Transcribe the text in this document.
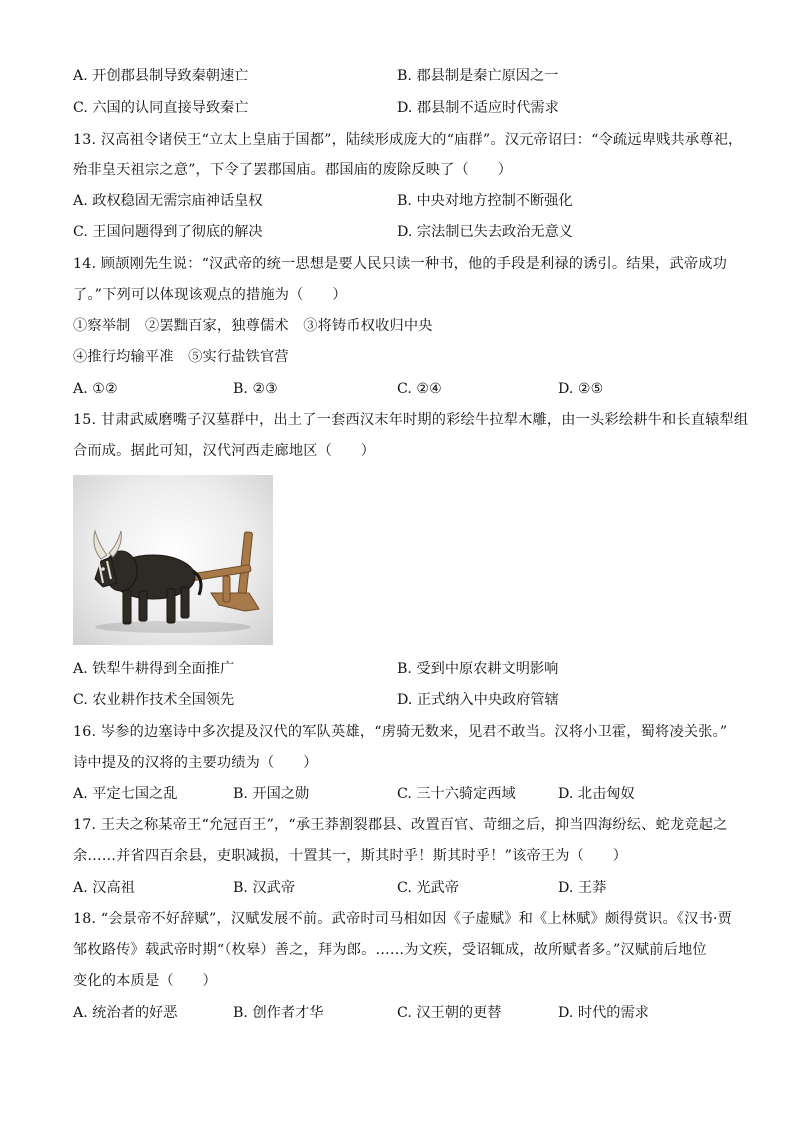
A. 开创郡县制导致秦朝速亡	B. 郡县制是秦亡原因之一
C. 六国的认同直接导致秦亡	D. 郡县制不适应时代需求
13. 汉高祖令诸侯王“立太上皇庙于国都”，陆续形成庞大的“庙群”。汉元帝诏曰：“令疏远卑贱共承尊祀，
殆非皇天祖宗之意”，下令了罢郡国庙。郡国庙的废除反映了（　　）
A. 政权稳固无需宗庙神话皇权	B. 中央对地方控制不断强化
C. 王国问题得到了彻底的解决	D. 宗法制已失去政治无意义
14. 顾颉刚先生说：“汉武帝的统一思想是要人民只读一种书，他的手段是利禄的诱引。结果，武帝成功
了。”下列可以体现该观点的措施为（　　）
①察举制　②罢黜百家，独尊儒术　③将铸币权收归中央
④推行均输平准　⑤实行盐铁官营
A. ①②	B. ②③	C. ②④	D. ②⑤
15. 甘肃武威磨嘴子汉墓群中，出土了一套西汉末年时期的彩绘牛拉犁木雕，由一头彩绘耕牛和长直辕犁组
合而成。据此可知，汉代河西走廊地区（　　）
A. 铁犁牛耕得到全面推广	B. 受到中原农耕文明影响
C. 农业耕作技术全国领先	D. 正式纳入中央政府管辖
16. 岑参的边塞诗中多次提及汉代的军队英雄，“虏骑无数来，见君不敢当。汉将小卫霍，蜀将凌关张。”
诗中提及的汉将的主要功绩为（　　）
A. 平定七国之乱	B. 开国之勋	C. 三十六骑定西域	D. 北击匈奴
17. 王夫之称某帝王“允冠百王”，“承王莽割裂郡县、改置百官、苛细之后，抑当四海纷纭、蛇龙竞起之
余……并省四百余县，吏职减损，十置其一，斯其时乎！斯其时乎！”该帝王为（　　）
A. 汉高祖	B. 汉武帝	C. 光武帝	D. 王莽
18. “会景帝不好辞赋”，汉赋发展不前。武帝时司马相如因《子虚赋》和《上林赋》颇得赏识。《汉书·贾
邹枚路传》载武帝时期“（枚皋）善之，拜为郎。……为文疾，受诏辄成，故所赋者多。”汉赋前后地位
变化的本质是（　　）
A. 统治者的好恶	B. 创作者才华	C. 汉王朝的更替	D. 时代的需求
